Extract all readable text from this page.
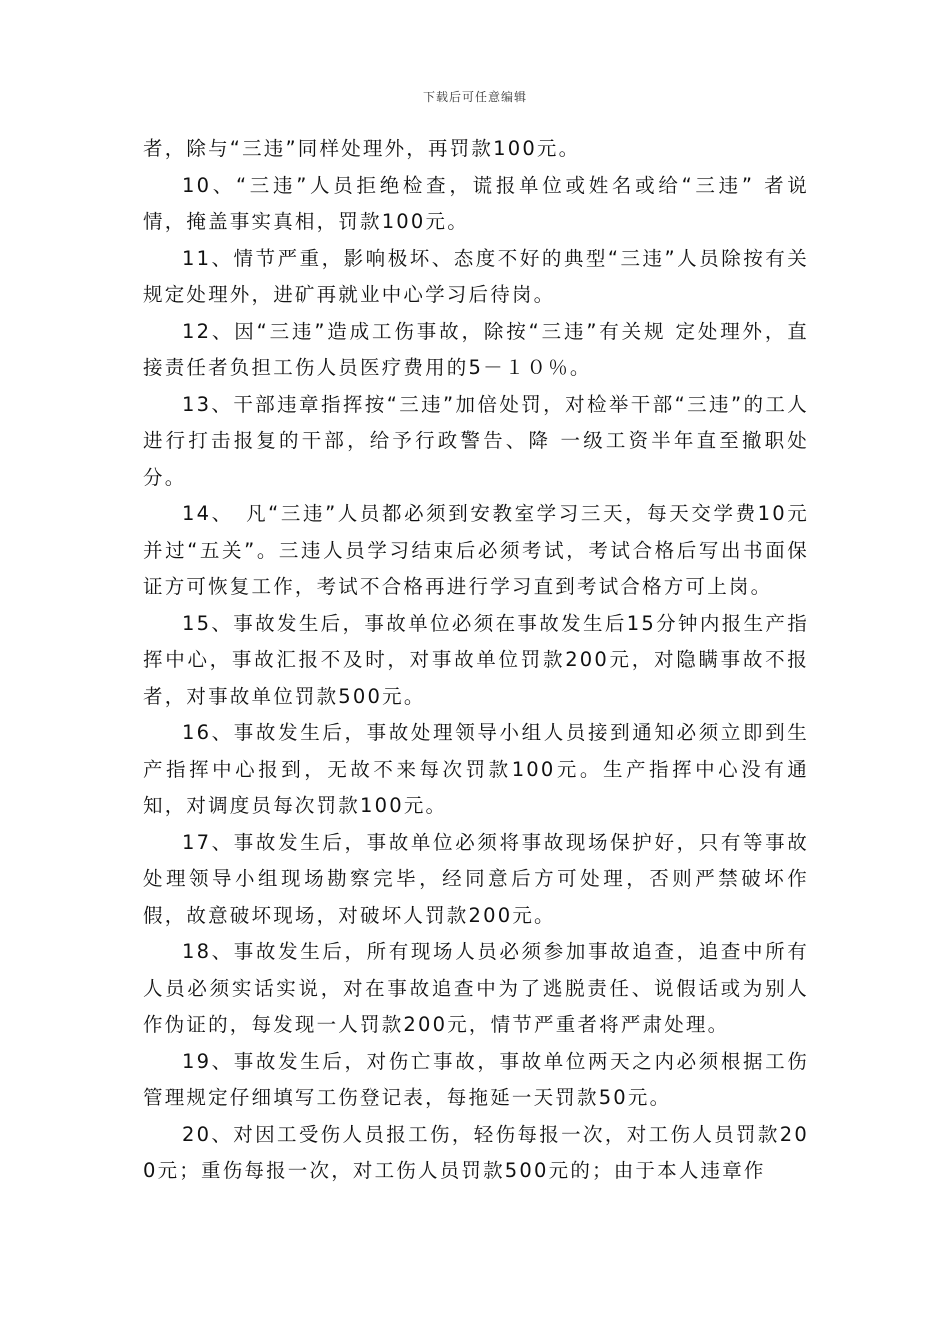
下载后可任意编辑

者，除与“三违”同样处理外，再罚款100元。

10、“三违”人员拒绝检查，谎报单位或姓名或给“三违” 者说情，掩盖事实真相，罚款100元。

11、情节严重，影响极坏、态度不好的典型“三违”人员除按有关规定处理外，进矿再就业中心学习后待岗。

12、因“三违”造成工伤事故，除按“三违”有关规 定处理外，直接责任者负担工伤人员医疗费用的5－１０％。

13、干部违章指挥按“三违”加倍处罚，对检举干部“三违”的工人进行打击报复的干部，给予行政警告、降 一级工资半年直至撤职处分。

14、　凡“三违”人员都必须到安教室学习三天，每天交学费10元并过“五关”。三违人员学习结束后必须考试，考试合格后写出书面保证方可恢复工作，考试不合格再进行学习直到考试合格方可上岗。

15、事故发生后，事故单位必须在事故发生后15分钟内报生产指挥中心，事故汇报不及时，对事故单位罚款200元，对隐瞒事故不报者，对事故单位罚款500元。

16、事故发生后，事故处理领导小组人员接到通知必须立即到生产指挥中心报到，无故不来每次罚款100元。生产指挥中心没有通知，对调度员每次罚款100元。

17、事故发生后，事故单位必须将事故现场保护好，只有等事故处理领导小组现场勘察完毕，经同意后方可处理，否则严禁破坏作假，故意破坏现场，对破坏人罚款200元。

18、事故发生后，所有现场人员必须参加事故追查，追查中所有人员必须实话实说，对在事故追查中为了逃脱责任、说假话或为别人作伪证的，每发现一人罚款200元，情节严重者将严肃处理。

19、事故发生后，对伤亡事故，事故单位两天之内必须根据工伤管理规定仔细填写工伤登记表，每拖延一天罚款50元。

20、对因工受伤人员报工伤，轻伤每报一次，对工伤人员罚款200元；重伤每报一次，对工伤人员罚款500元的；由于本人违章作
